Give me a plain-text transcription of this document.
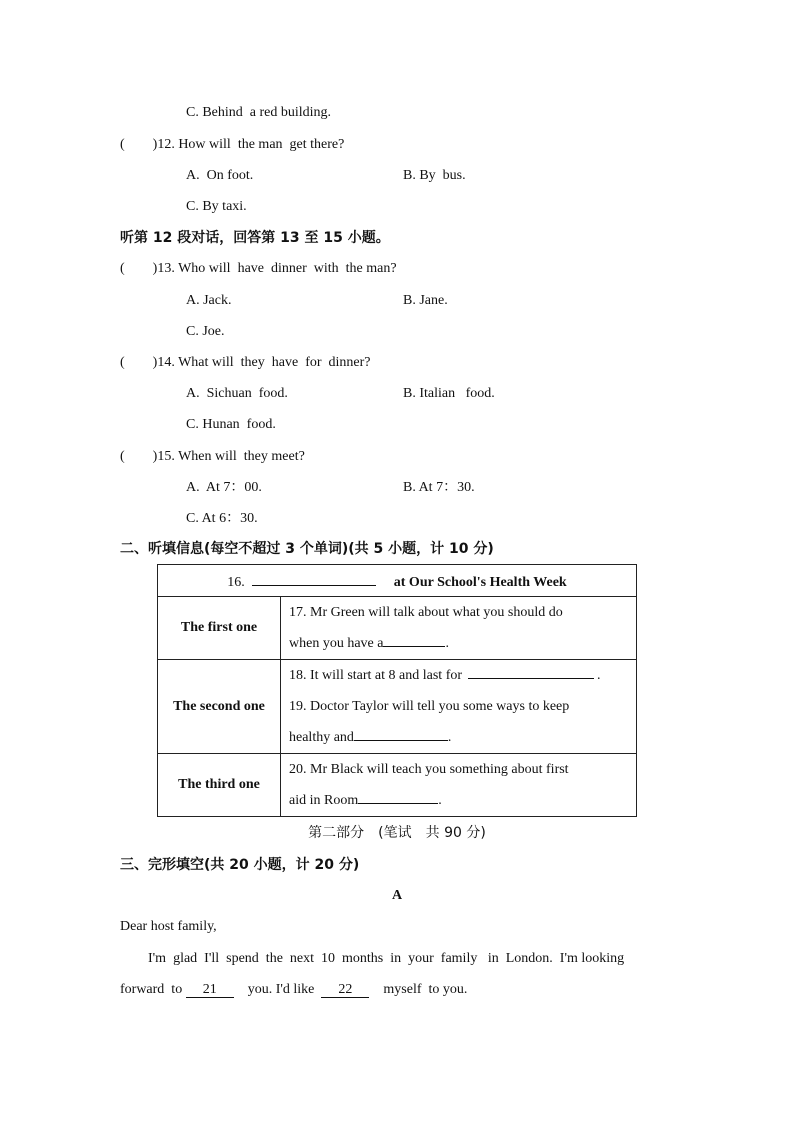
C. Behind  a red building.
(        )12. How will  the man  get there?
A.  On foot.	B. By  bus.
C. By taxi.
听第 12 段对话，回答第 13 至 15 小题。
(        )13. Who will  have  dinner  with  the man?
A. Jack.	B. Jane.
C. Joe.
(        )14. What will  they  have  for  dinner?
A.  Sichuan  food.	B. Italian   food.
C. Hunan  food.
(        )15. When will  they meet?
A.  At 7：00.	B. At 7：30.
C. At 6：30.
二、听填信息(每空不超过 3 个单词)(共 5 小题，计 10 分)
16. at Our School's Health Week	
The first one	17. Mr Green will talk about what you should do
when you have a .

The second one	18. It will start at 8 and last for .
19. Doctor Taylor will tell you some ways to keep
healthy and .

The third one	20. Mr Black will teach you something about first
aid in Room .
第二部分　(笔试　共 90 分)
三、完形填空(共 20 小题，计 20 分)
A
Dear host family,
I'm  glad  I'll  spend  the  next  10  months  in  your  family   in  London.  I'm looking
forward  to 21 you. I'd like 22 myself  to you.
